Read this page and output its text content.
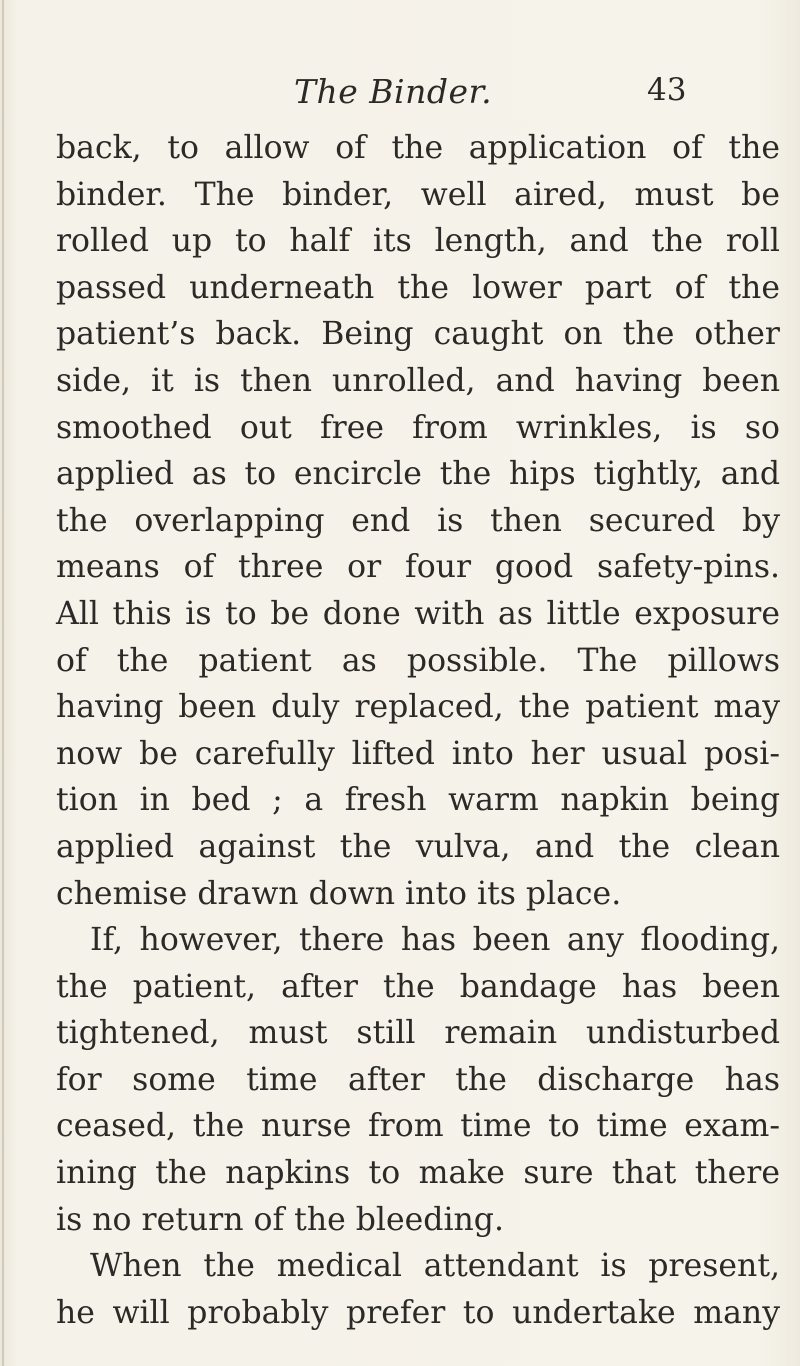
The Binder.	43
back, to allow of the application of the
binder. The binder, well aired, must be
rolled up to half its length, and the roll
passed underneath the lower part of the
patient’s back. Being caught on the other
side, it is then unrolled, and having been
smoothed out free from wrinkles, is so
applied as to encircle the hips tightly, and
the overlapping end is then secured by
means of three or four good safety-pins.
All this is to be done with as little exposure
of the patient as possible. The pillows
having been duly replaced, the patient may
now be carefully lifted into her usual posi-
tion in bed ; a fresh warm napkin being
applied against the vulva, and the clean
chemise drawn down into its place.
If, however, there has been any flooding,
the patient, after the bandage has been
tightened, must still remain undisturbed
for some time after the discharge has
ceased, the nurse from time to time exam-
ining the napkins to make sure that there
is no return of the bleeding.
When the medical attendant is present,
he will probably prefer to undertake many
